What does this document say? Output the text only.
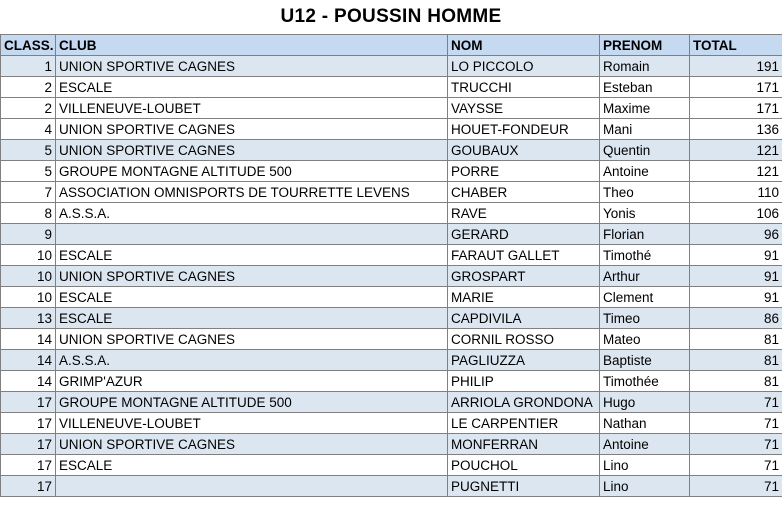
U12 - POUSSIN HOMME
CLASS.	CLUB	NOM	PRENOM	TOTAL
1	UNION SPORTIVE CAGNES	LO PICCOLO	Romain	191
2	ESCALE	TRUCCHI	Esteban	171
2	VILLENEUVE-LOUBET	VAYSSE	Maxime	171
4	UNION SPORTIVE CAGNES	HOUET-FONDEUR	Mani	136
5	UNION SPORTIVE CAGNES	GOUBAUX	Quentin	121
5	GROUPE MONTAGNE ALTITUDE 500	PORRE	Antoine	121
7	ASSOCIATION OMNISPORTS DE TOURRETTE LEVENS	CHABER	Theo	110
8	A.S.S.A.	RAVE	Yonis	106
9		GERARD	Florian	96
10	ESCALE	FARAUT GALLET	Timothé	91
10	UNION SPORTIVE CAGNES	GROSPART	Arthur	91
10	ESCALE	MARIE	Clement	91
13	ESCALE	CAPDIVILA	Timeo	86
14	UNION SPORTIVE CAGNES	CORNIL ROSSO	Mateo	81
14	A.S.S.A.	PAGLIUZZA	Baptiste	81
14	GRIMP'AZUR	PHILIP	Timothée	81
17	GROUPE MONTAGNE ALTITUDE 500	ARRIOLA GRONDONA	Hugo	71
17	VILLENEUVE-LOUBET	LE CARPENTIER	Nathan	71
17	UNION SPORTIVE CAGNES	MONFERRAN	Antoine	71
17	ESCALE	POUCHOL	Lino	71
17		PUGNETTI	Lino	71
